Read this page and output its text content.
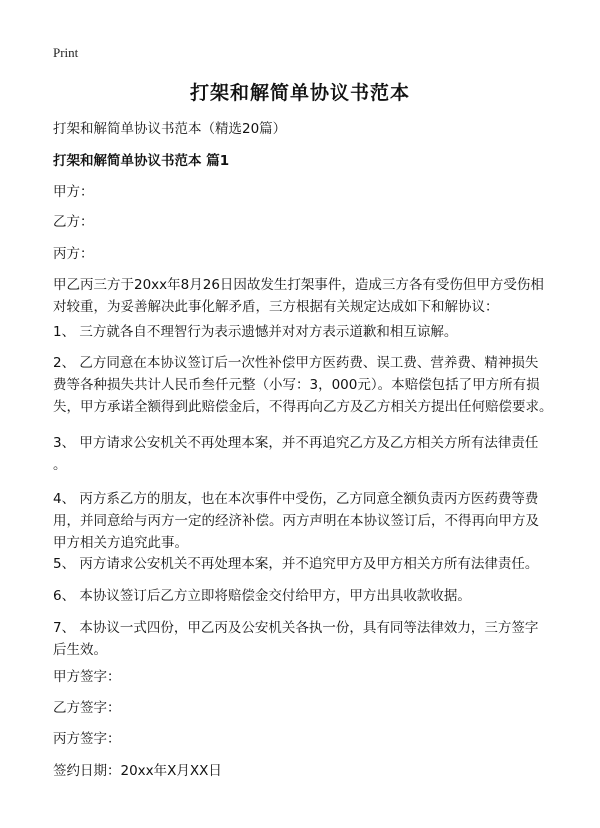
Print
打架和解简单协议书范本
打架和解简单协议书范本（精选20篇）
打架和解简单协议书范本 篇1
甲方：
乙方：
丙方：
甲乙丙三方于20xx年8月26日因故发生打架事件，造成三方各有受伤但甲方受伤相
对较重，为妥善解决此事化解矛盾，三方根据有关规定达成如下和解协议：
1、 三方就各自不理智行为表示遗憾并对对方表示道歉和相互谅解。
2、 乙方同意在本协议签订后一次性补偿甲方医药费、误工费、营养费、精神损失
费等各种损失共计人民币叁仟元整（小写：3，000元）。本赔偿包括了甲方所有损
失，甲方承诺全额得到此赔偿金后，不得再向乙方及乙方相关方提出任何赔偿要求。
3、 甲方请求公安机关不再处理本案，并不再追究乙方及乙方相关方所有法律责任
。
4、 丙方系乙方的朋友，也在本次事件中受伤，乙方同意全额负责丙方医药费等费
用，并同意给与丙方一定的经济补偿。丙方声明在本协议签订后，不得再向甲方及
甲方相关方追究此事。
5、 丙方请求公安机关不再处理本案，并不追究甲方及甲方相关方所有法律责任。
6、 本协议签订后乙方立即将赔偿金交付给甲方，甲方出具收款收据。
7、 本协议一式四份，甲乙丙及公安机关各执一份，具有同等法律效力，三方签字
后生效。
甲方签字：
乙方签字：
丙方签字：
签约日期：20xx年X月XX日
